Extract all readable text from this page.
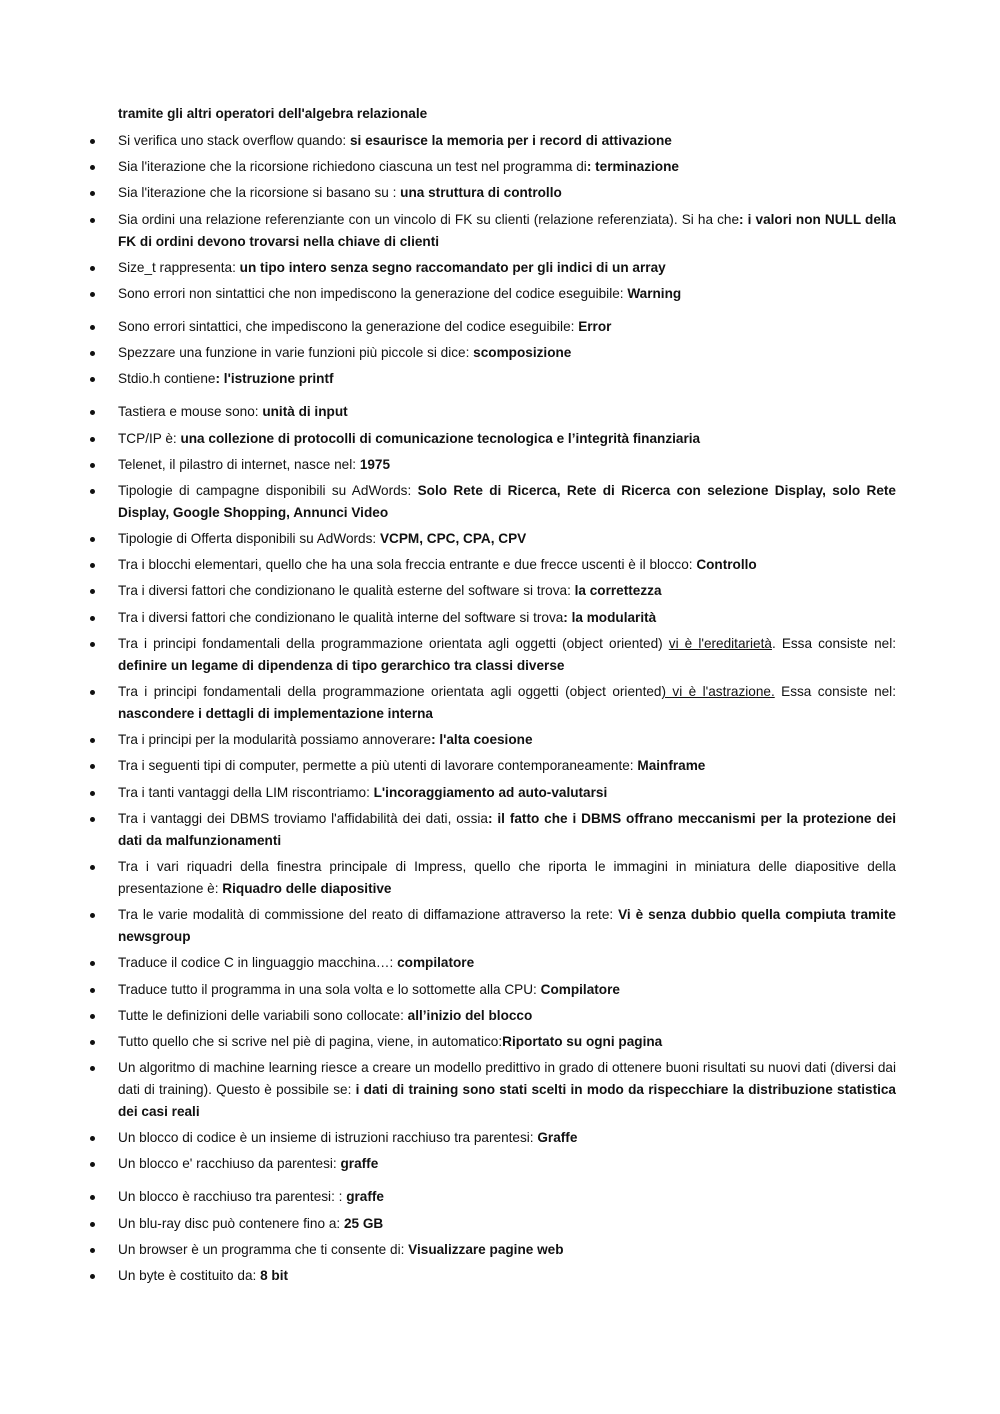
tramite gli altri operatori dell'algebra relazionale
Si verifica uno stack overflow quando: si esaurisce la memoria per i record di attivazione
Sia l'iterazione che la ricorsione richiedono ciascuna un test nel programma di: terminazione
Sia l'iterazione che la ricorsione si basano su : una struttura di controllo
Sia ordini una relazione referenziante con un vincolo di FK su clienti (relazione referenziata). Si ha che: i valori non NULL della FK di ordini devono trovarsi nella chiave di clienti
Size_t rappresenta: un tipo intero senza segno raccomandato per gli indici di un array
Sono errori non sintattici che non impediscono la generazione del codice eseguibile: Warning
Sono errori sintattici, che impediscono la generazione del codice eseguibile: Error
Spezzare una funzione in varie funzioni più piccole si dice: scomposizione
Stdio.h contiene: l'istruzione printf
Tastiera e mouse sono: unità di input
TCP/IP è: una collezione di protocolli di comunicazione tecnologica e l’integrità finanziaria
Telenet, il pilastro di internet, nasce nel: 1975
Tipologie di campagne disponibili su AdWords: Solo Rete di Ricerca, Rete di Ricerca con selezione Display, solo Rete Display, Google Shopping, Annunci Video
Tipologie di Offerta disponibili su AdWords: VCPM, CPC, CPA, CPV
Tra i blocchi elementari, quello che ha una sola freccia entrante e due frecce uscenti è il blocco: Controllo
Tra i diversi fattori che condizionano le qualità esterne del software si trova: la correttezza
Tra i diversi fattori che condizionano le qualità interne del software si trova: la modularità
Tra i principi fondamentali della programmazione orientata agli oggetti (object oriented) vi è l'ereditarietà. Essa consiste nel: definire un legame di dipendenza di tipo gerarchico tra classi diverse
Tra i principi fondamentali della programmazione orientata agli oggetti (object oriented) vi è l'astrazione. Essa consiste nel: nascondere i dettagli di implementazione interna
Tra i principi per la modularità possiamo annoverare: l'alta coesione
Tra i seguenti tipi di computer, permette a più utenti di lavorare contemporaneamente: Mainframe
Tra i tanti vantaggi della LIM riscontriamo: L'incoraggiamento ad auto-valutarsi
Tra i vantaggi dei DBMS troviamo l'affidabilità dei dati, ossia: il fatto che i DBMS offrano meccanismi per la protezione dei dati da malfunzionamenti
Tra i vari riquadri della finestra principale di Impress, quello che riporta le immagini in miniatura delle diapositive della presentazione è: Riquadro delle diapositive
Tra le varie modalità di commissione del reato di diffamazione attraverso la rete: Vi è senza dubbio quella compiuta tramite newsgroup
Traduce il codice C in linguaggio macchina…: compilatore
Traduce tutto il programma in una sola volta e lo sottomette alla CPU: Compilatore
Tutte le definizioni delle variabili sono collocate: all’inizio del blocco
Tutto quello che si scrive nel piè di pagina, viene, in automatico:Riportato su ogni pagina
Un algoritmo di machine learning riesce a creare un modello predittivo in grado di ottenere buoni risultati su nuovi dati (diversi dai dati di training). Questo è possibile se: i dati di training sono stati scelti in modo da rispecchiare la distribuzione statistica dei casi reali
Un blocco di codice è un insieme di istruzioni racchiuso tra parentesi: Graffe
Un blocco e' racchiuso da parentesi: graffe
Un blocco è racchiuso tra parentesi: : graffe
Un blu-ray disc può contenere fino a: 25 GB
Un browser è un programma che ti consente di: Visualizzare pagine web
Un byte è costituito da: 8 bit
